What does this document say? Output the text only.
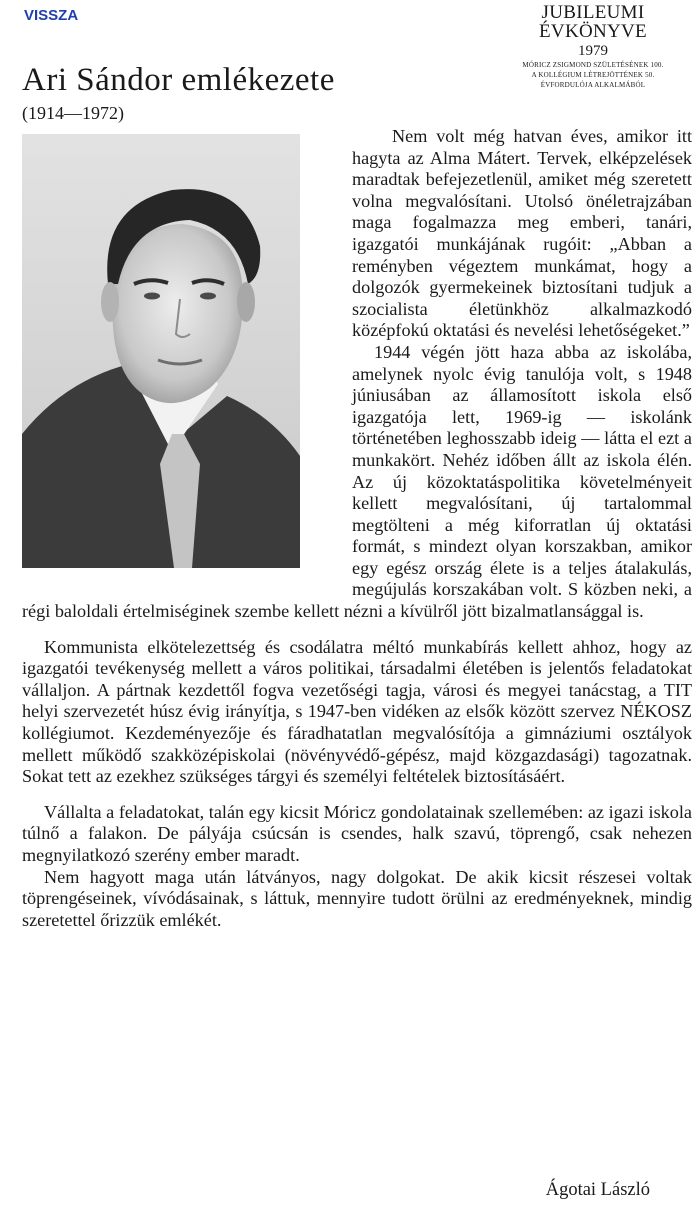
VISSZA	JUBILEUMI ÉVKÖNYVE
1979
MÓRICZ ZSIGMOND SZÜLETÉSÉNEK 100.
A KOLLÉGIUM LÉTREJÖTTÉNEK 50.
ÉVFORDULÓJA ALKALMÁBÓL
Ari Sándor emlékezete
(1914—1972)

Nem volt még hatvan éves, amikor itt hagyta az Alma Mátert. Tervek, elképzelések maradtak befejezetlenül, amiket még szeretett volna megvalósítani. Utolsó önéletrajzában maga fogalmazza meg emberi, tanári, igazgatói munkájának rugóit: „Abban a reményben végeztem munkámat, hogy a dolgozók gyermekeinek biztosítani tudjuk a szocialista életünkhöz alkalmazkodó középfokú oktatási és nevelési lehetőségeket.”

1944 végén jött haza abba az iskolába, amelynek nyolc évig tanulója volt, s 1948 júniusában az államosított iskola első igazgatója lett, 1969-ig — iskolánk történetében leghosszabb ideig — látta el ezt a munkakört. Nehéz időben állt az iskola élén. Az új közoktatáspolitika követelményeit kellett megvalósítani, új tartalommal megtölteni a még kiforratlan új oktatási formát, s mindezt olyan korszakban, amikor egy egész ország élete is a teljes átalakulás, megújulás korszakában volt. S közben neki, a régi baloldali értelmiséginek szembe kellett nézni a kívülről jött bizalmatlansággal is.

Kommunista elkötelezettség és csodálatra méltó munkabírás kellett ahhoz, hogy az igazgatói tevékenység mellett a város politikai, társadalmi életében is jelentős feladatokat vállaljon. A pártnak kezdettől fogva vezetőségi tagja, városi és megyei tanácstag, a TIT helyi szervezetét húsz évig irányítja, s 1947-ben vidéken az elsők között szervez NÉKOSZ kollégiumot. Kezdeményezője és fáradhatatlan megvalósítója a gimnáziumi osztályok mellett működő szakközépiskolai (növényvédő-gépész, majd közgazdasági) tagozatnak. Sokat tett az ezekhez szükséges tárgyi és személyi feltételek biztosításáért.

Vállalta a feladatokat, talán egy kicsit Móricz gondolatainak szellemében: az igazi iskola túlnő a falakon. De pályája csúcsán is csendes, halk szavú, töprengő, csak nehezen megnyilatkozó szerény ember maradt.

Nem hagyott maga után látványos, nagy dolgokat. De akik kicsit részesei voltak töprengéseinek, vívódásainak, s láttuk, mennyire tudott örülni az eredményeknek, mindig szeretettel őrizzük emlékét.

Ágotai László
